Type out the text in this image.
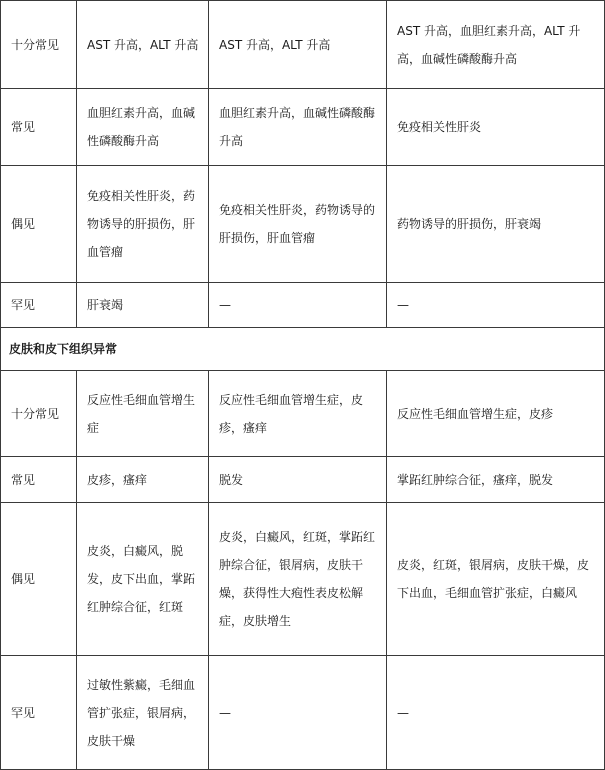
十分常见	AST 升高，ALT 升高	AST 升高，ALT 升高	AST 升高，血胆红素升高，ALT 升高，血碱性磷酸酶升高
常见	血胆红素升高，血碱性磷酸酶升高	血胆红素升高，血碱性磷酸酶升高	免疫相关性肝炎
偶见	免疫相关性肝炎，药物诱导的肝损伤，肝血管瘤	免疫相关性肝炎，药物诱导的肝损伤，肝血管瘤	药物诱导的肝损伤，肝衰竭
罕见	肝衰竭	—	—
皮肤和皮下组织异常			
十分常见	反应性毛细血管增生症	反应性毛细血管增生症，皮疹，瘙痒	反应性毛细血管增生症，皮疹
常见	皮疹，瘙痒	脱发	掌跖红肿综合征，瘙痒，脱发
偶见	皮炎，白癜风，脱发，皮下出血，掌跖红肿综合征，红斑	皮炎，白癜风，红斑，掌跖红肿综合征，银屑病，皮肤干燥，获得性大疱性表皮松解症，皮肤增生	皮炎，红斑，银屑病，皮肤干燥，皮下出血，毛细血管扩张症，白癜风
罕见	过敏性紫癜，毛细血管扩张症，银屑病，皮肤干燥	—	—
